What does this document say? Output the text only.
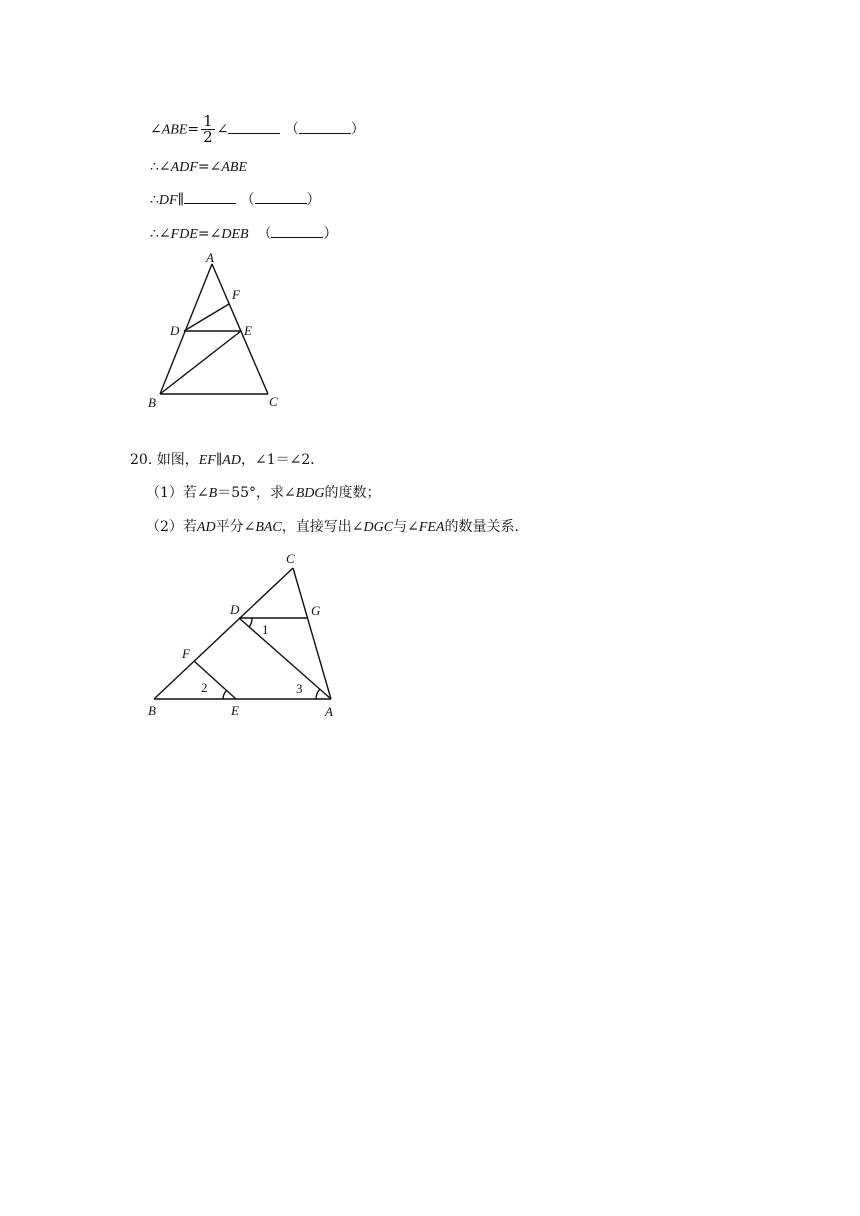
∠ABE= $\frac{1}{2}$ ∠	（	）
∴∠ADF=∠ABE
∴DF∥	（	）
∴∠FDE=∠DEB （	）
A
F
D	E
B	C
20. 如图，EF∥AD，∠1＝∠2．
（1）若∠B＝55°，求∠BDG的度数；
（2）若AD平分∠BAC，直接写出∠DGC与∠FEA的数量关系．
C
D	G
F
B	E	A
1
2	3
